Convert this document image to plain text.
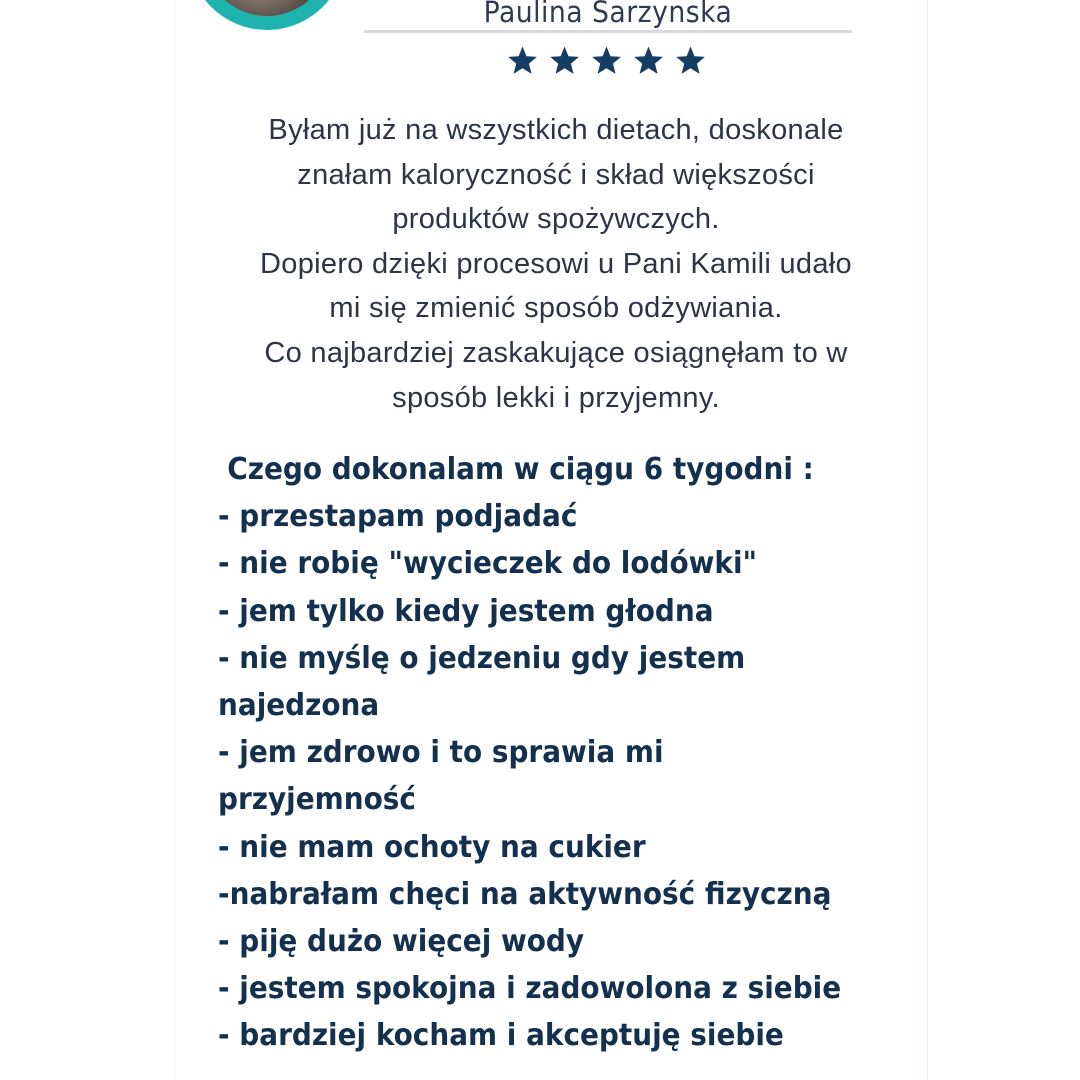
Paulina Sarzynska
Byłam już na wszystkich dietach, doskonale
znałam kaloryczność i skład większości
produktów spożywczych.
Dopiero dzięki procesowi u Pani Kamili udało
mi się zmienić sposób odżywiania.
Co najbardziej zaskakujące osiągnęłam to w
sposób lekki i przyjemny.
Czego dokonalam w ciągu 6 tygodni :
- przestapam podjadać
- nie robię "wycieczek do lodówki"
- jem tylko kiedy jestem głodna
- nie myślę o jedzeniu gdy jestem
najedzona
- jem zdrowo i to sprawia mi
przyjemność
- nie mam ochoty na cukier
-nabrałam chęci na aktywność fizyczną
- piję dużo więcej wody
- jestem spokojna i zadowolona z siebie
- bardziej kocham i akceptuję siebie
